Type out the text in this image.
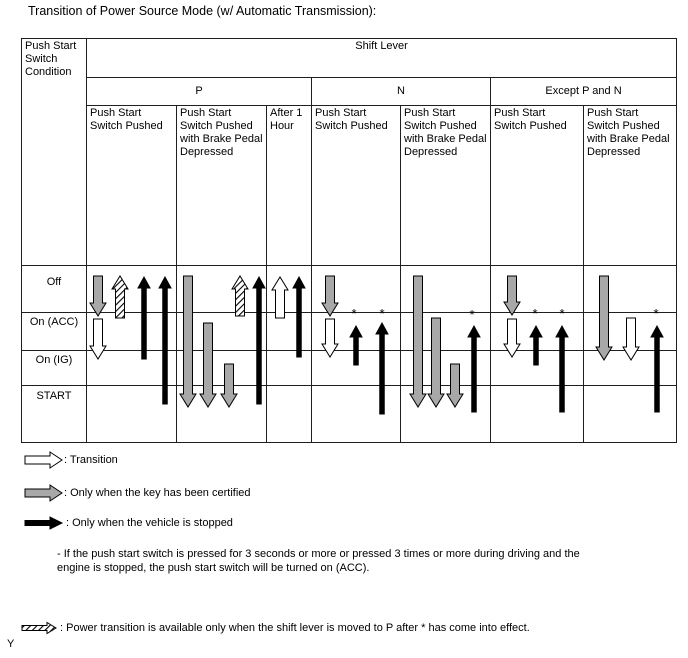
Transition of Power Source Mode (w/ Automatic Transmission):
Push Start Switch Condition	Shift Lever						
	P			N		Except P and N	
	Push Start Switch Pushed	Push Start Switch Pushed with Brake Pedal Depressed	After 1 Hour	Push Start Switch Pushed	Push Start Switch Pushed with Brake Pedal Depressed	Push Start Switch Pushed	Push Start Switch Pushed with Brake Pedal Depressed
Off							
On (ACC)							
On (IG)							
START							
: Transition
: Only when the key has been certified
: Only when the vehicle is stopped
- If the push start switch is pressed for 3 seconds or more or pressed 3 times or more during driving and the
engine is stopped, the push start switch will be turned on (ACC).
: Power transition is available only when the shift lever is moved to P after * has come into effect.
Y
* *	*	* *	*
